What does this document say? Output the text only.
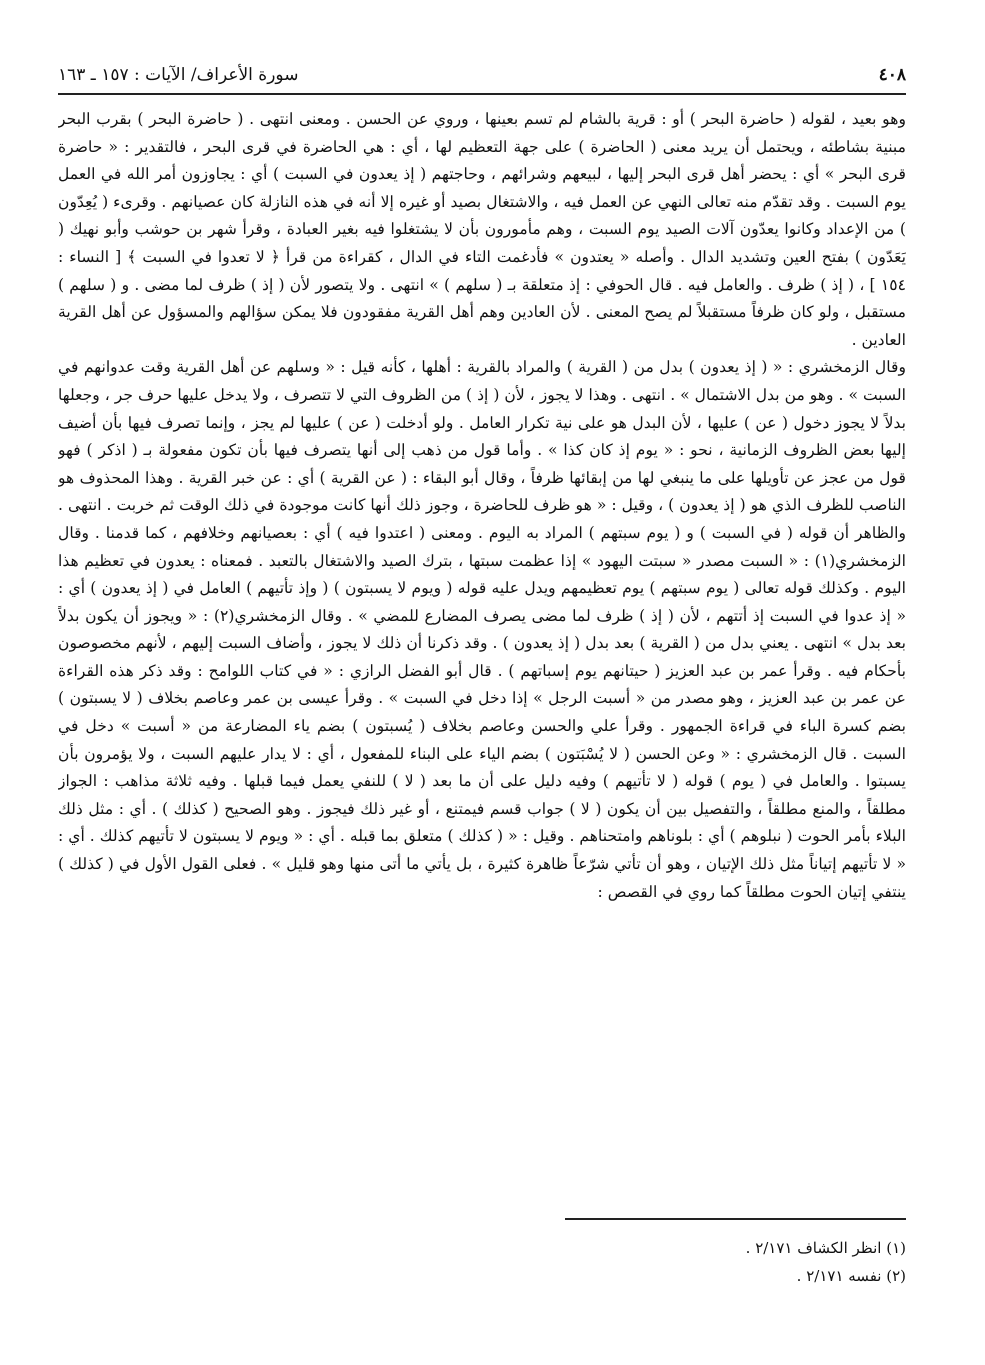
٤٠٨
سورة الأعراف/ الآيات : ١٥٧ ـ ١٦٣

وهو بعيد ، لقوله ( حاضرة البحر ) أو : قرية بالشام لم تسم بعينها ، وروي عن الحسن . ومعنى انتهى . ( حاضرة البحر ) بقرب البحر مبنية بشاطئه ، ويحتمل أن يريد معنى ( الحاضرة ) على جهة التعظيم لها ، أي : هي الحاضرة في قرى البحر ، فالتقدير : « حاضرة قرى البحر » أي : يحضر أهل قرى البحر إليها ، لبيعهم وشرائهم ، وحاجتهم ( إذ يعدون في السبت ) أي : يجاوزون أمر الله في العمل يوم السبت . وقد تقدّم منه تعالى النهي عن العمل فيه ، والاشتغال بصيد أو غيره إلا أنه في هذه النازلة كان عصيانهم . وقرىء ( يُعِدّون ) من الإعداد وكانوا يعدّون آلات الصيد يوم السبت ، وهم مأمورون بأن لا يشتغلوا فيه بغير العبادة ، وقرأ شهر بن حوشب وأبو نهيك ( يَعَدّون ) بفتح العين وتشديد الدال . وأصله « يعتدون » فأدغمت التاء في الدال ، كقراءة من قرأ ﴿ لا تعدوا في السبت ﴾ [ النساء : ١٥٤ ] ، ( إذ ) ظرف . والعامل فيه . قال الحوفي : إذ متعلقة بـ ( سلهم ) » انتهى . ولا يتصور لأن ( إذ ) ظرف لما مضى . و ( سلهم ) مستقبل ، ولو كان ظرفاً مستقبلاً لم يصح المعنى . لأن العادين وهم أهل القرية مفقودون فلا يمكن سؤالهم والمسؤول عن أهل القرية العادين .

وقال الزمخشري : « ( إذ يعدون ) بدل من ( القرية ) والمراد بالقرية : أهلها ، كأنه قيل : « وسلهم عن أهل القرية وقت عدوانهم في السبت » . وهو من بدل الاشتمال » . انتهى . وهذا لا يجوز ، لأن ( إذ ) من الظروف التي لا تتصرف ، ولا يدخل عليها حرف جر ، وجعلها بدلاً لا يجوز دخول ( عن ) عليها ، لأن البدل هو على نية تكرار العامل . ولو أدخلت ( عن ) عليها لم يجز ، وإنما تصرف فيها بأن أضيف إليها بعض الظروف الزمانية ، نحو : « يوم إذ كان كذا » . وأما قول من ذهب إلى أنها يتصرف فيها بأن تكون مفعولة بـ ( اذكر ) فهو قول من عجز عن تأويلها على ما ينبغي لها من إبقائها ظرفاً ، وقال أبو البقاء : ( عن القرية ) أي : عن خبر القرية . وهذا المحذوف هو الناصب للظرف الذي هو ( إذ يعدون ) ، وقيل : « هو ظرف للحاضرة ، وجوز ذلك أنها كانت موجودة في ذلك الوقت ثم خربت . انتهى . والظاهر أن قوله ( في السبت ) و ( يوم سبتهم ) المراد به اليوم . ومعنى ( اعتدوا فيه ) أي : بعصيانهم وخلافهم ، كما قدمنا . وقال الزمخشري(١) : « السبت مصدر « سبتت اليهود » إذا عظمت سبتها ، بترك الصيد والاشتغال بالتعبد . فمعناه : يعدون في تعظيم هذا اليوم . وكذلك قوله تعالى ( يوم سبتهم ) يوم تعظيمهم ويدل عليه قوله ( ويوم لا يسبتون ) ( وإذ تأتيهم ) العامل في ( إذ يعدون ) أي : « إذ عدوا في السبت إذ أتتهم ، لأن ( إذ ) ظرف لما مضى يصرف المضارع للمضي » . وقال الزمخشري(٢) : « ويجوز أن يكون بدلاً بعد بدل » انتهى . يعني بدل من ( القرية ) بعد بدل ( إذ يعدون ) . وقد ذكرنا أن ذلك لا يجوز ، وأضاف السبت إليهم ، لأنهم مخصوصون بأحكام فيه . وقرأ عمر بن عبد العزيز ( حيتانهم يوم إسباتهم ) . قال أبو الفضل الرازي : « في كتاب اللوامح : وقد ذكر هذه القراءة عن عمر بن عبد العزيز ، وهو مصدر من « أسبت الرجل » إذا دخل في السبت » . وقرأ عيسى بن عمر وعاصم بخلاف ( لا يسبتون ) بضم كسرة الباء في قراءة الجمهور . وقرأ علي والحسن وعاصم بخلاف ( يُسبتون ) بضم ياء المضارعة من « أسبت » دخل في السبت . قال الزمخشري : « وعن الحسن ( لا يُسْبَتون ) بضم الياء على البناء للمفعول ، أي : لا يدار عليهم السبت ، ولا يؤمرون بأن يسبتوا . والعامل في ( يوم ) قوله ( لا تأتيهم ) وفيه دليل على أن ما بعد ( لا ) للنفي يعمل فيما قبلها . وفيه ثلاثة مذاهب : الجواز مطلقاً ، والمنع مطلقاً ، والتفصيل بين أن يكون ( لا ) جواب قسم فيمتنع ، أو غير ذلك فيجوز . وهو الصحيح ( كذلك ) . أي : مثل ذلك البلاء بأمر الحوت ( نبلوهم ) أي : بلوناهم وامتحناهم . وقيل : « ( كذلك ) متعلق بما قبله . أي : « ويوم لا يسبتون لا تأتيهم كذلك . أي : « لا تأتيهم إتياناً مثل ذلك الإتيان ، وهو أن تأتي شرّعاً ظاهرة كثيرة ، بل يأتي ما أتى منها وهو قليل » . فعلى القول الأول في ( كذلك ) ينتفي إتيان الحوت مطلقاً كما روي في القصص :

(١) انظر الكشاف ٢/١٧١ .

(٢) نفسه ٢/١٧١ .
